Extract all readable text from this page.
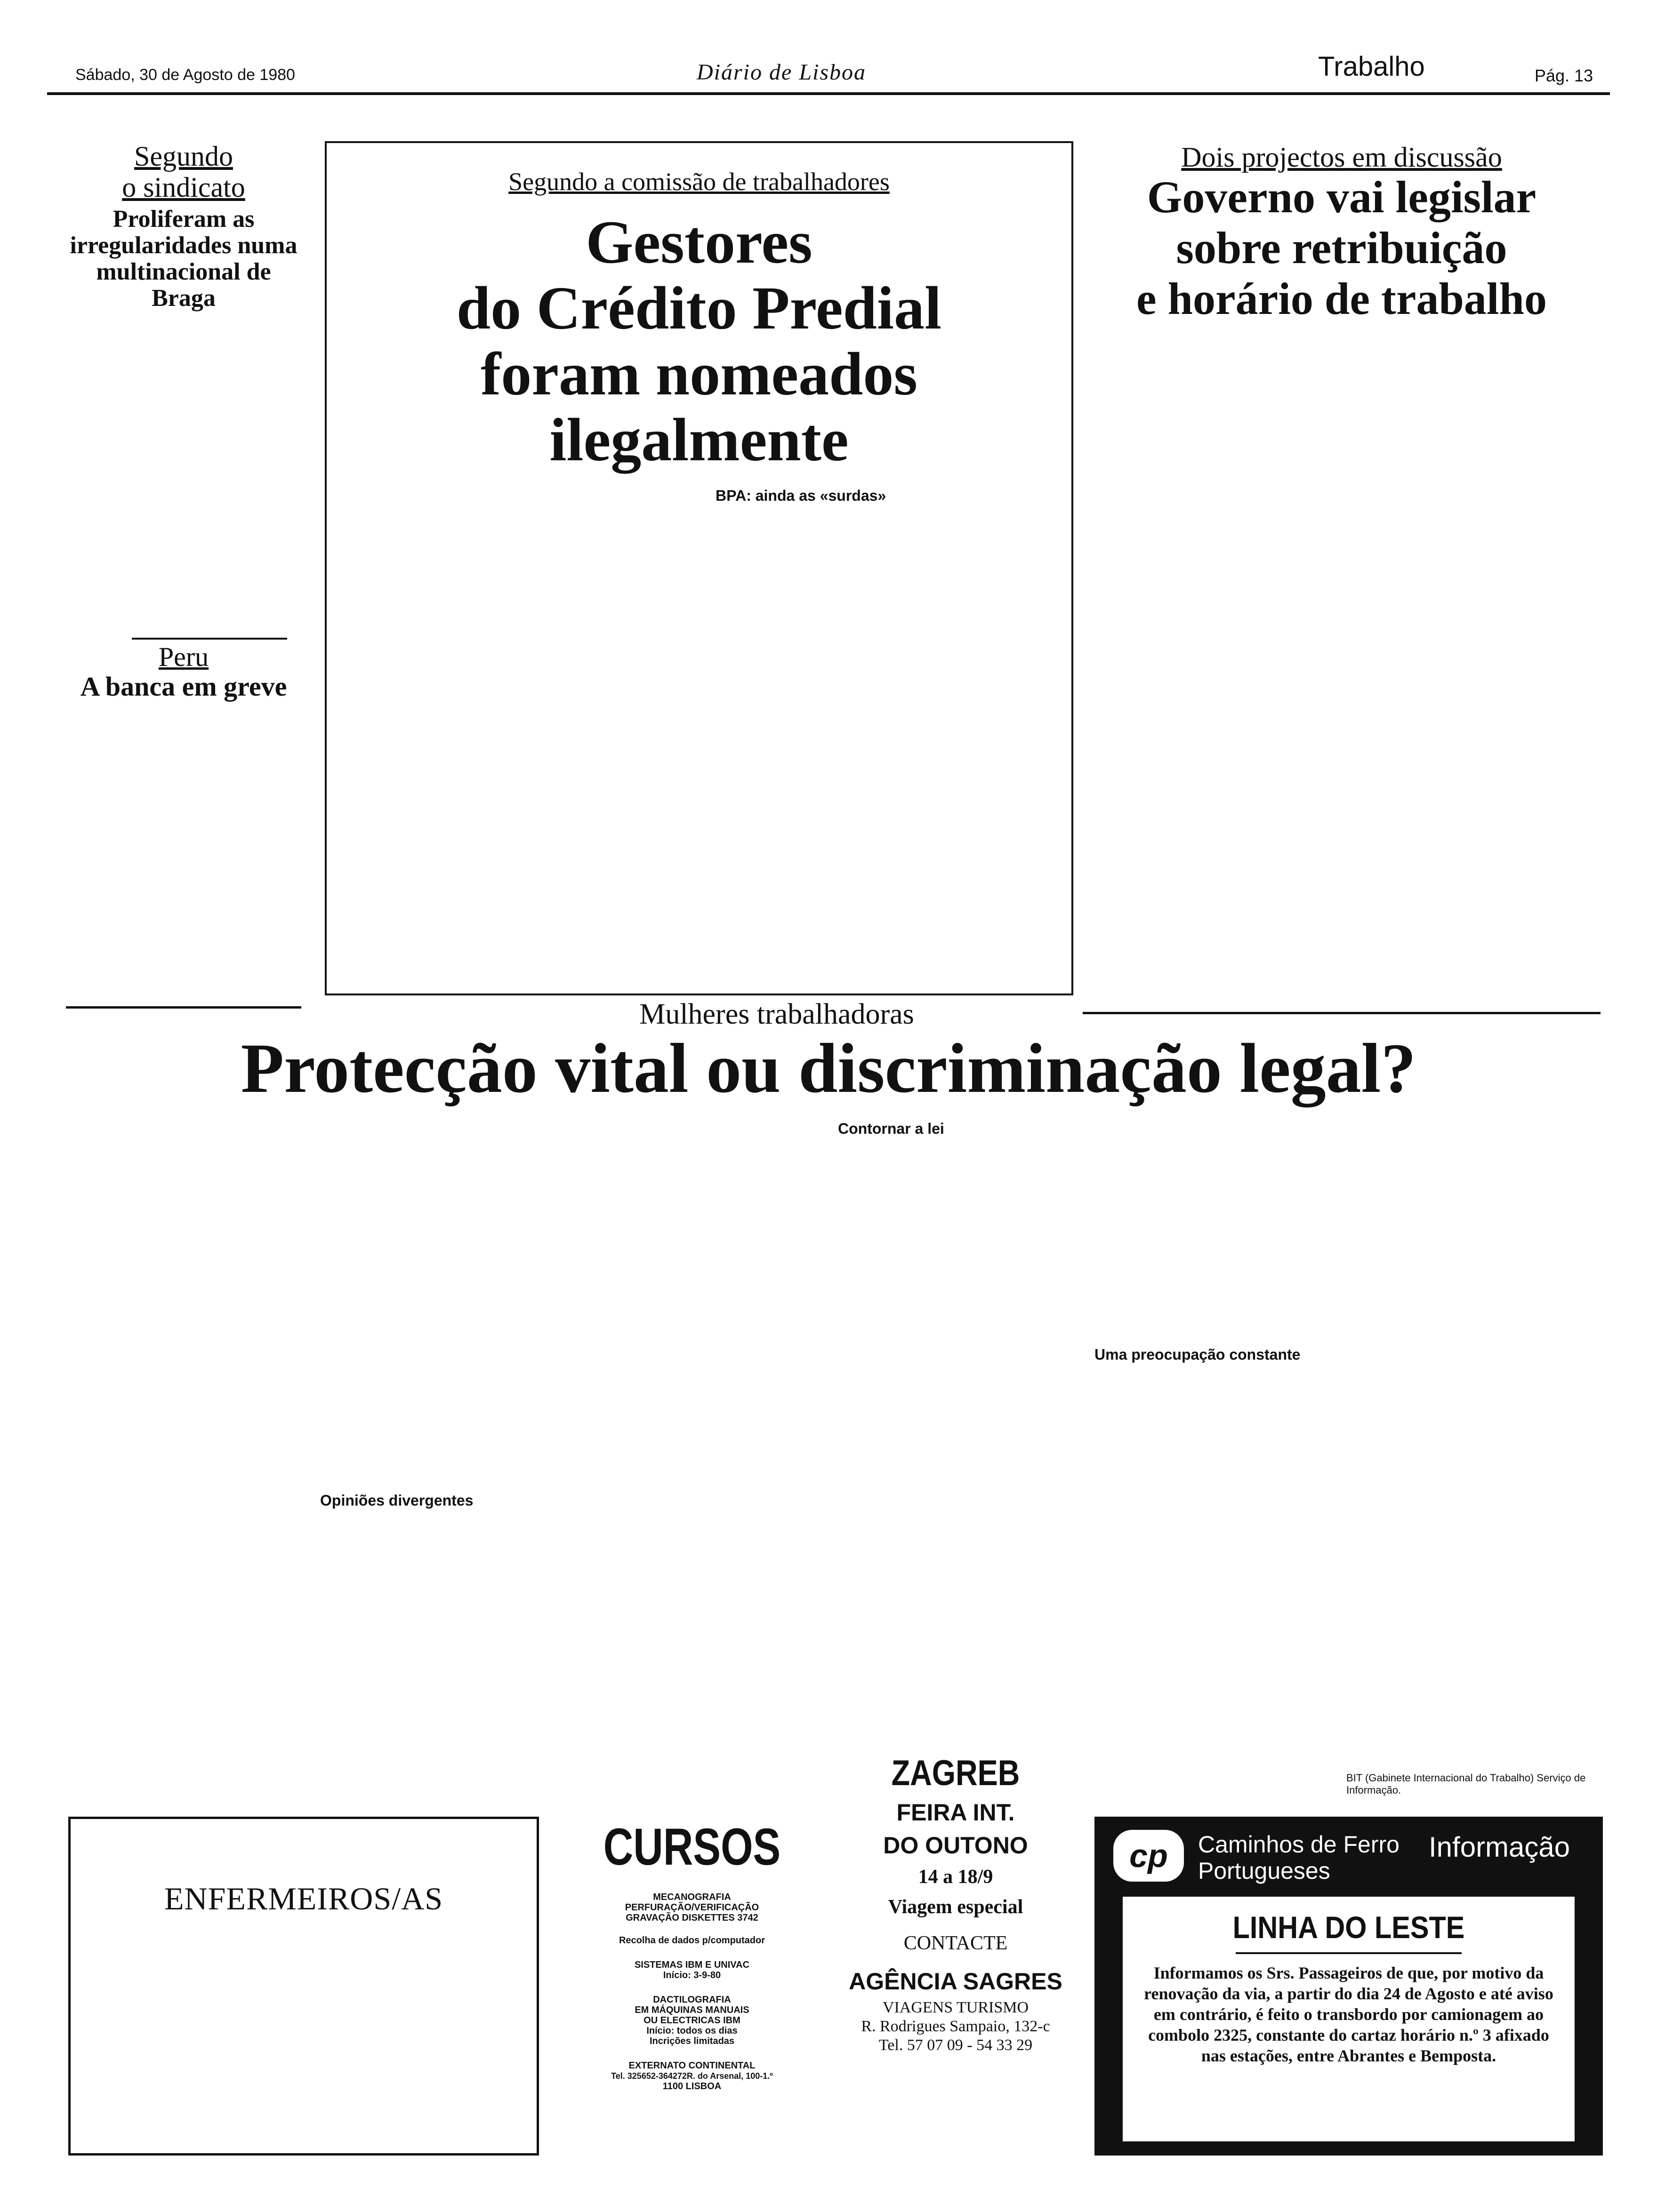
Sábado, 30 de Agosto de 1980	Diário de Lisboa	Trabalho	Pág. 13
Segundo
o sindicato
Proliferam as irregularidades numa multinacional de Braga
Peru
A banca em greve
Segundo a comissão de trabalhadores
Gestores
do Crédito Predial
foram nomeados
ilegalmente
BPA: ainda as «surdas»
Dois projectos em discussão
Governo vai legislar
sobre retribuição
e horário de trabalho
Mulheres trabalhadoras
Protecção vital ou discriminação legal?
Opiniões divergentes
Contornar a lei
Uma preocupação constante
BIT (Gabinete Internacional do Trabalho) Serviço de Informação.
ENFERMEIROS/AS
CURSOS
MECANOGRAFIA
PERFURAÇÃO/VERIFICAÇÃO
GRAVAÇÃO DISKETTES 3742
Recolha de dados p/computador
SISTEMAS IBM E UNIVAC
Início: 3-9-80
DACTILOGRAFIA
EM MÁQUINAS MANUAIS
OU ELECTRICAS IBM
Início: todos os dias
Incrições limitadas
EXTERNATO CONTINENTAL
Tel. 325652-364272R. do Arsenal, 100-1.º
1100 LISBOA
ZAGREB
FEIRA INT.
DO OUTONO
14 a 18/9
Viagem especial
CONTACTE
AGÊNCIA SAGRES
VIAGENS TURISMO
R. Rodrigues Sampaio, 132-c
Tel. 57 07 09 - 54 33 29
cp	Caminhos de Ferro
Portugueses
Informação
LINHA DO LESTE
Informamos os Srs. Passageiros de que, por motivo da renovação da via, a partir do dia 24 de Agosto e até aviso em contrário, é feito o transbordo por camionagem ao combolo 2325, constante do cartaz horário n.º 3 afixado nas estações, entre Abrantes e Bemposta.
